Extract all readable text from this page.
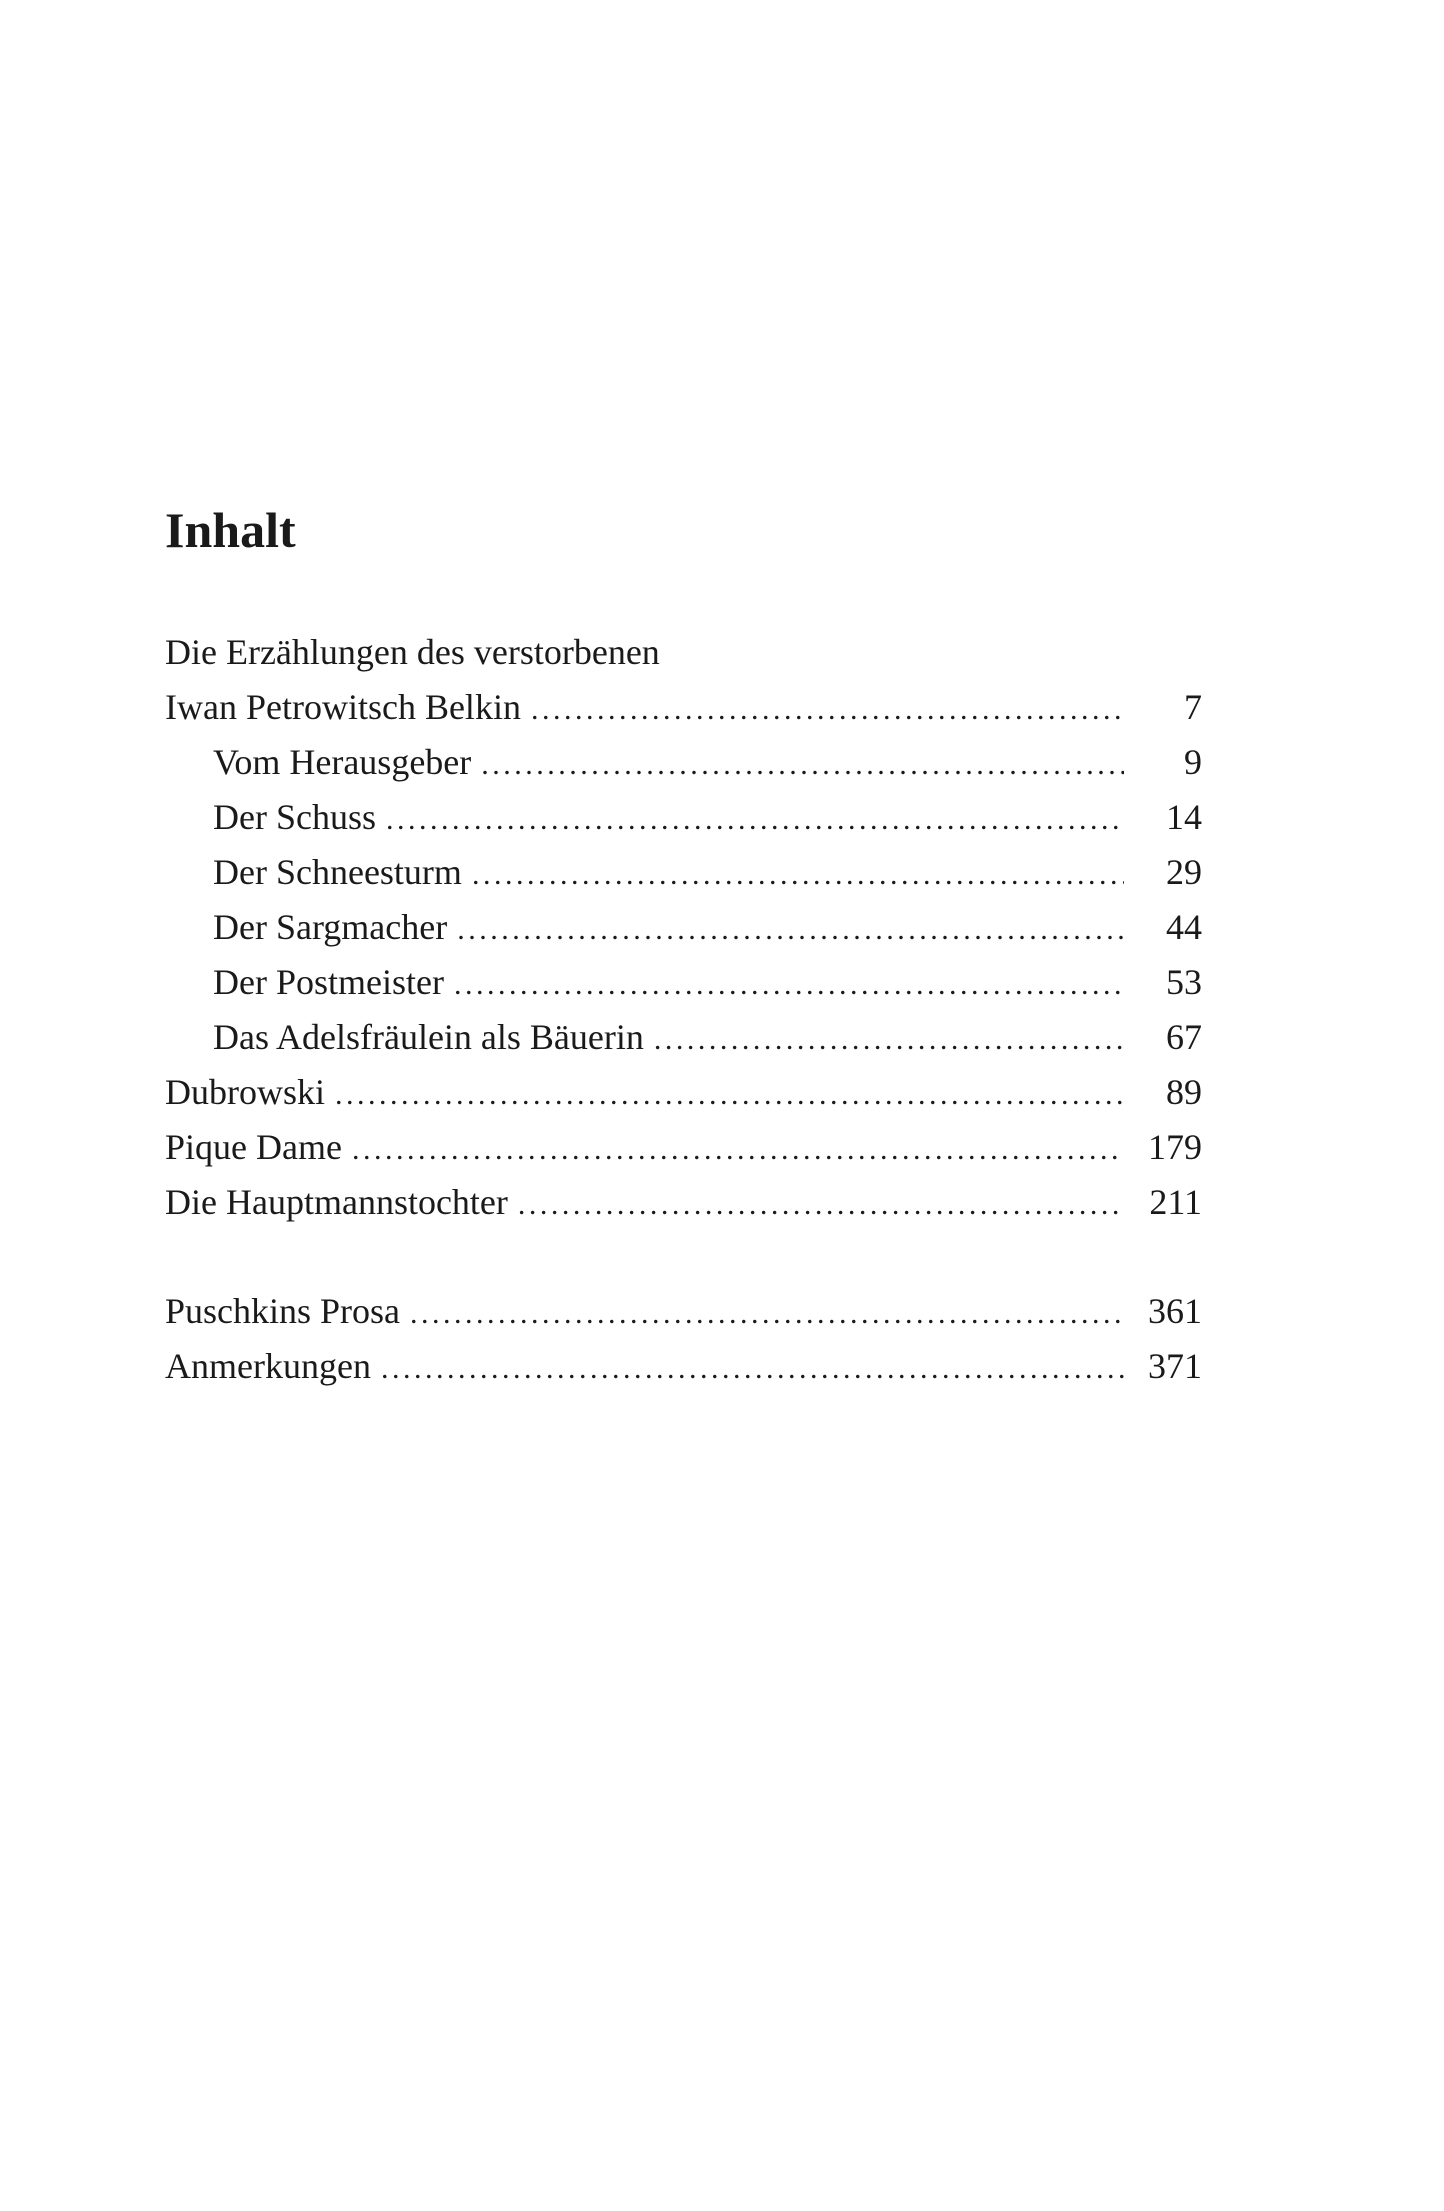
Inhalt
Die Erzählungen des verstorbenen
Iwan Petrowitsch Belkin . . .	7
Vom Herausgeber . . .	9
Der Schuss . . .	14
Der Schneesturm . . .	29
Der Sargmacher . . .	44
Der Postmeister . . .	53
Das Adelsfräulein als Bäuerin . . .	67
Dubrowski . . .	89
Pique Dame . . .	179
Die Hauptmannstochter . . .	211
Puschkins Prosa . . .	361
Anmerkungen . . .	371
